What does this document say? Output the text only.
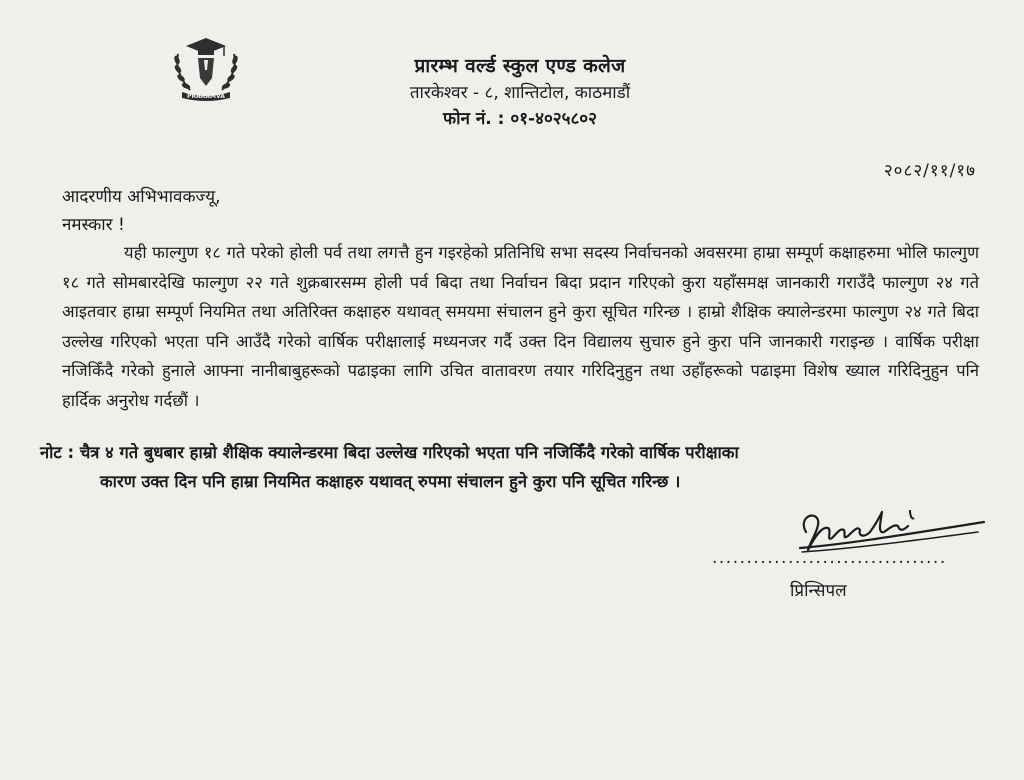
PRARAMVA
प्रारम्भ वर्ल्ड स्कुल एण्ड कलेज
तारकेश्वर - ८, शान्तिटोल, काठमाडौं
फोन नं. : ०१-४०२५८०२
२०८२/११/१७
आदरणीय अभिभावकज्यू,
नमस्कार !

यही फाल्गुण १८ गते परेको होली पर्व तथा लगत्तै हुन गइरहेको प्रतिनिधि सभा सदस्य निर्वाचनको अवसरमा हाम्रा सम्पूर्ण कक्षाहरुमा भोलि फाल्गुण १८ गते सोमबारदेखि फाल्गुण २२ गते शुक्रबारसम्म होली पर्व बिदा तथा निर्वाचन बिदा प्रदान गरिएको कुरा यहाँसमक्ष जानकारी गराउँदै फाल्गुण २४ गते आइतवार हाम्रा सम्पूर्ण नियमित तथा अतिरिक्त कक्षाहरु यथावत् समयमा संचालन हुने कुरा सूचित गरिन्छ । हाम्रो शैक्षिक क्यालेन्डरमा फाल्गुण २४ गते बिदा उल्लेख गरिएको भएता पनि आउँदै गरेको वार्षिक परीक्षालाई मध्यनजर गर्दै उक्त दिन विद्यालय सुचारु हुने कुरा पनि जानकारी गराइन्छ । वार्षिक परीक्षा नजिकिँदै गरेको हुनाले आफ्ना नानीबाबुहरूको पढाइका लागि उचित वातावरण तयार गरिदिनुहुन तथा उहाँहरूको पढाइमा विशेष ख्याल गरिदिनुहुन पनि हार्दिक अनुरोध गर्दछौं ।

नोट : चैत्र ४ गते बुधबार हाम्रो शैक्षिक क्यालेन्डरमा बिदा उल्लेख गरिएको भएता पनि नजिकिँदै गरेको वार्षिक परीक्षाका
कारण उक्त दिन पनि हाम्रा नियमित कक्षाहरु यथावत् रुपमा संचालन हुने कुरा पनि सूचित गरिन्छ ।

..................................
प्रिन्सिपल
